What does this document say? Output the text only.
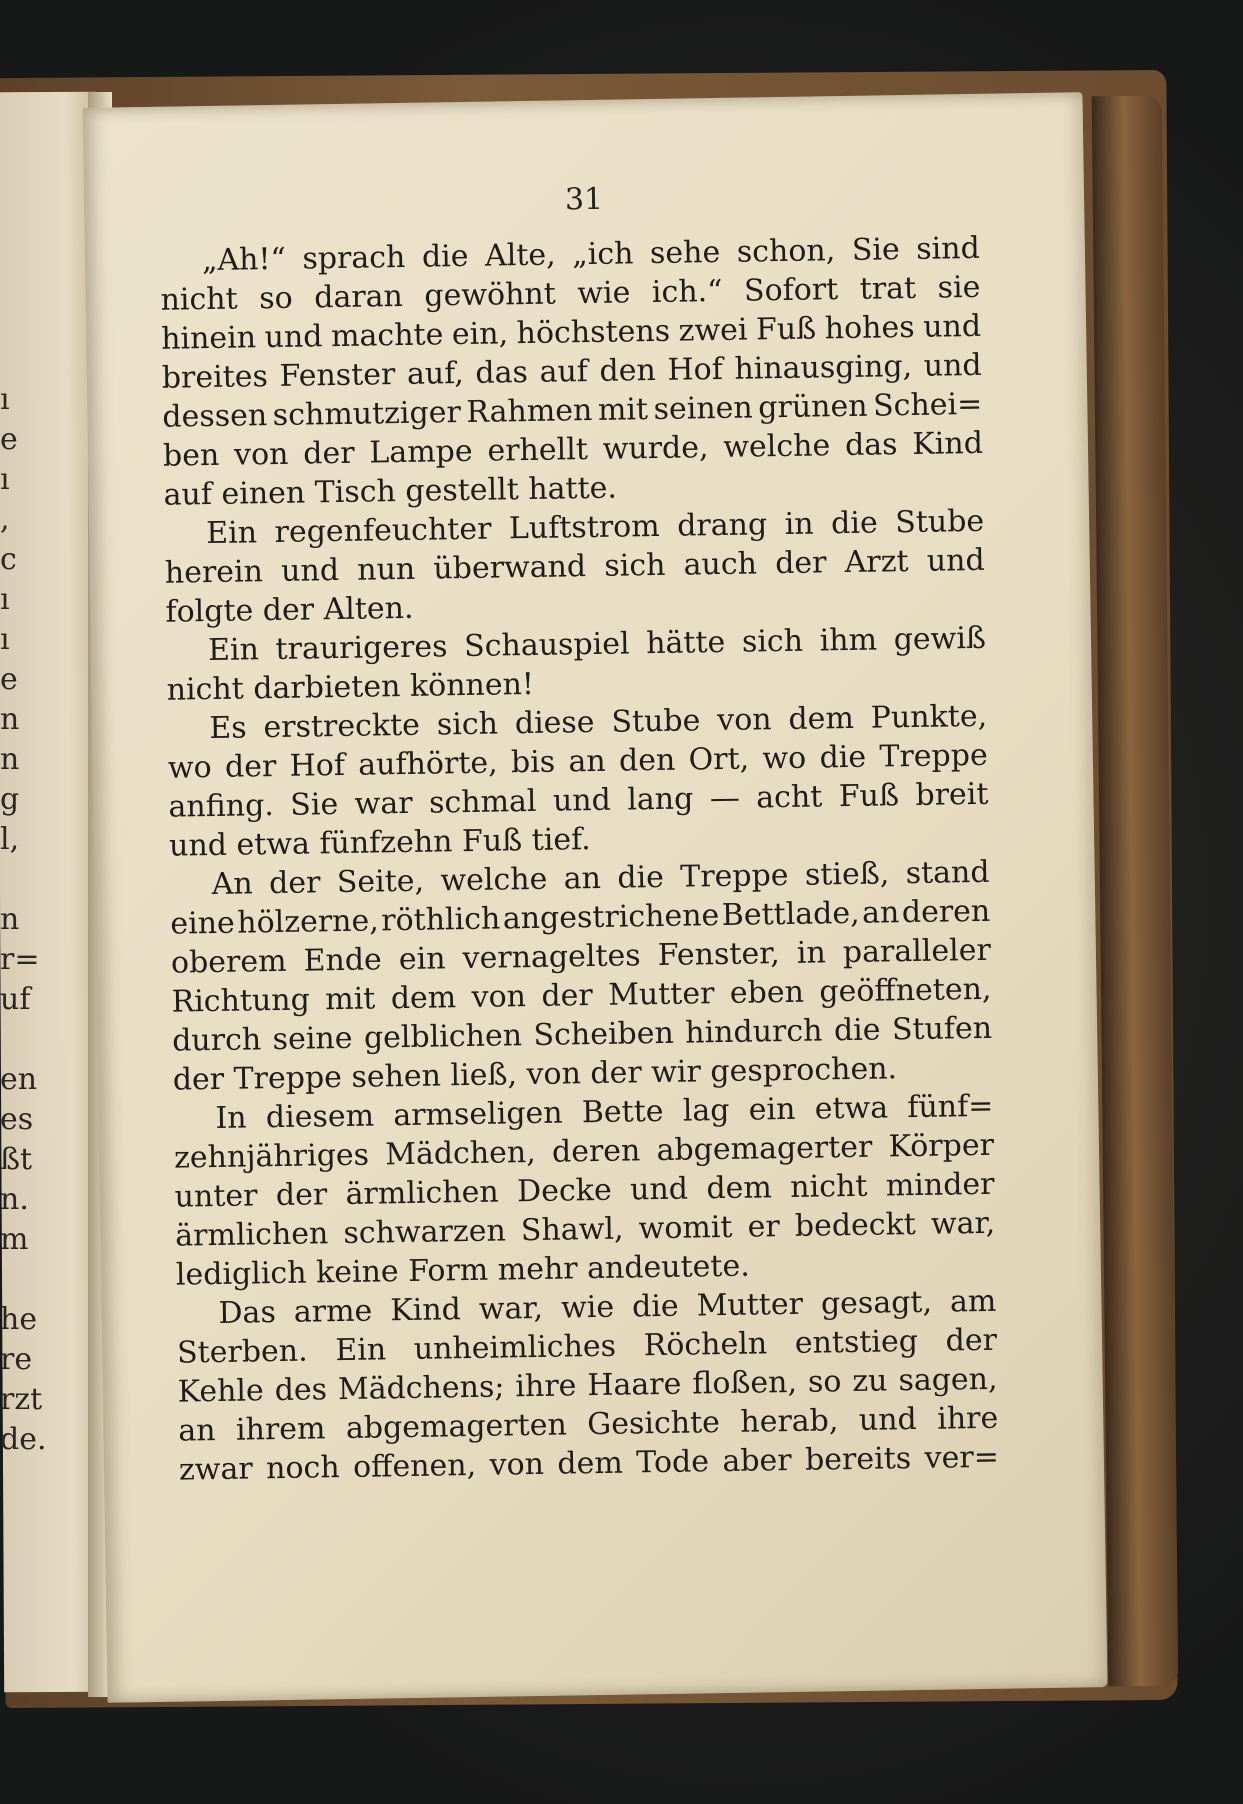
ı
e
ı
,
c
ı
ı
e
n
n
g
l,
n
r=
uf
en
es
ßt
n.
m
he
re
rzt
de.
31
„Ah!“ sprach die Alte, „ich sehe schon, Sie sind
nicht so daran gewöhnt wie ich.“ Sofort trat sie
hinein und machte ein, höchstens zwei Fuß hohes und
breites Fenster auf, das auf den Hof hinausging, und
dessen schmutziger Rahmen mit seinen grünen Schei=
ben von der Lampe erhellt wurde, welche das Kind
auf einen Tisch gestellt hatte.
Ein regenfeuchter Luftstrom drang in die Stube
herein und nun überwand sich auch der Arzt und
folgte der Alten.
Ein traurigeres Schauspiel hätte sich ihm gewiß
nicht darbieten können!
Es erstreckte sich diese Stube von dem Punkte,
wo der Hof aufhörte, bis an den Ort, wo die Treppe
anfing. Sie war schmal und lang — acht Fuß breit
und etwa fünfzehn Fuß tief.
An der Seite, welche an die Treppe stieß, stand
eine hölzerne, röthlich angestrichene Bettlade, an deren
oberem Ende ein vernageltes Fenster, in paralleler
Richtung mit dem von der Mutter eben geöffneten,
durch seine gelblichen Scheiben hindurch die Stufen
der Treppe sehen ließ, von der wir gesprochen.
In diesem armseligen Bette lag ein etwa fünf=
zehnjähriges Mädchen, deren abgemagerter Körper
unter der ärmlichen Decke und dem nicht minder
ärmlichen schwarzen Shawl, womit er bedeckt war,
lediglich keine Form mehr andeutete.
Das arme Kind war, wie die Mutter gesagt, am
Sterben. Ein unheimliches Röcheln entstieg der
Kehle des Mädchens; ihre Haare floßen, so zu sagen,
an ihrem abgemagerten Gesichte herab, und ihre
zwar noch offenen, von dem Tode aber bereits ver=
